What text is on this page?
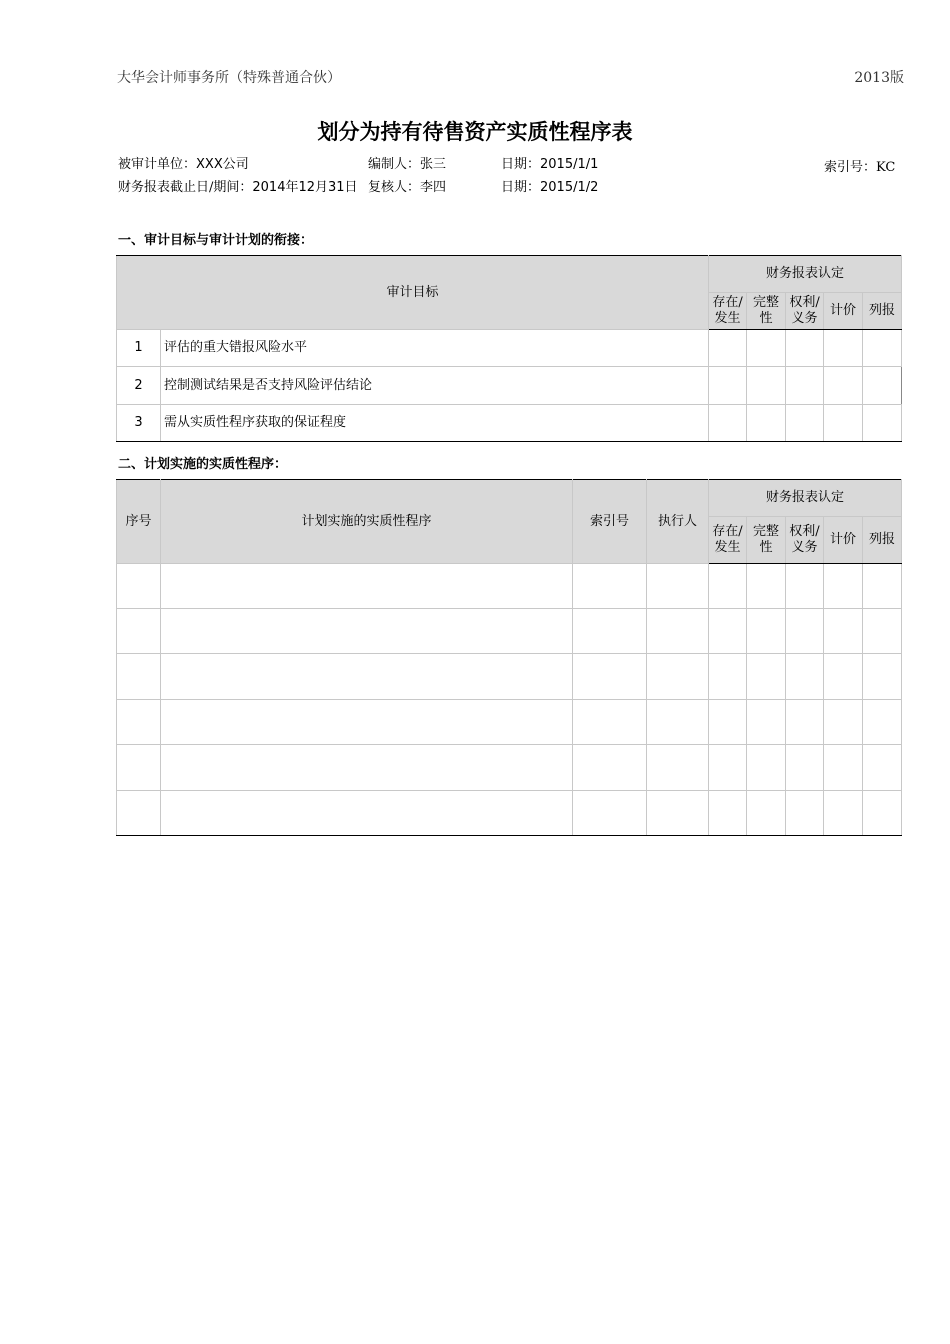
大华会计师事务所（特殊普通合伙）	2013版
划分为持有待售资产实质性程序表
被审计单位：XXX公司
财务报表截止日/期间：2014年12月31日
编制人：张三
复核人：李四
日期：2015/1/1
日期：2015/1/2
索引号：KC
一、审计目标与审计计划的衔接：
审计目标		财务报表认定				
		存在/发生	完整性	权利/义务	计价	列报
1	评估的重大错报风险水平					
2	控制测试结果是否支持风险评估结论					
3	需从实质性程序获取的保证程度					
二、计划实施的实质性程序：
序号	计划实施的实质性程序	索引号	执行人	财务报表认定				
				存在/发生	完整性	权利/义务	计价	列报
